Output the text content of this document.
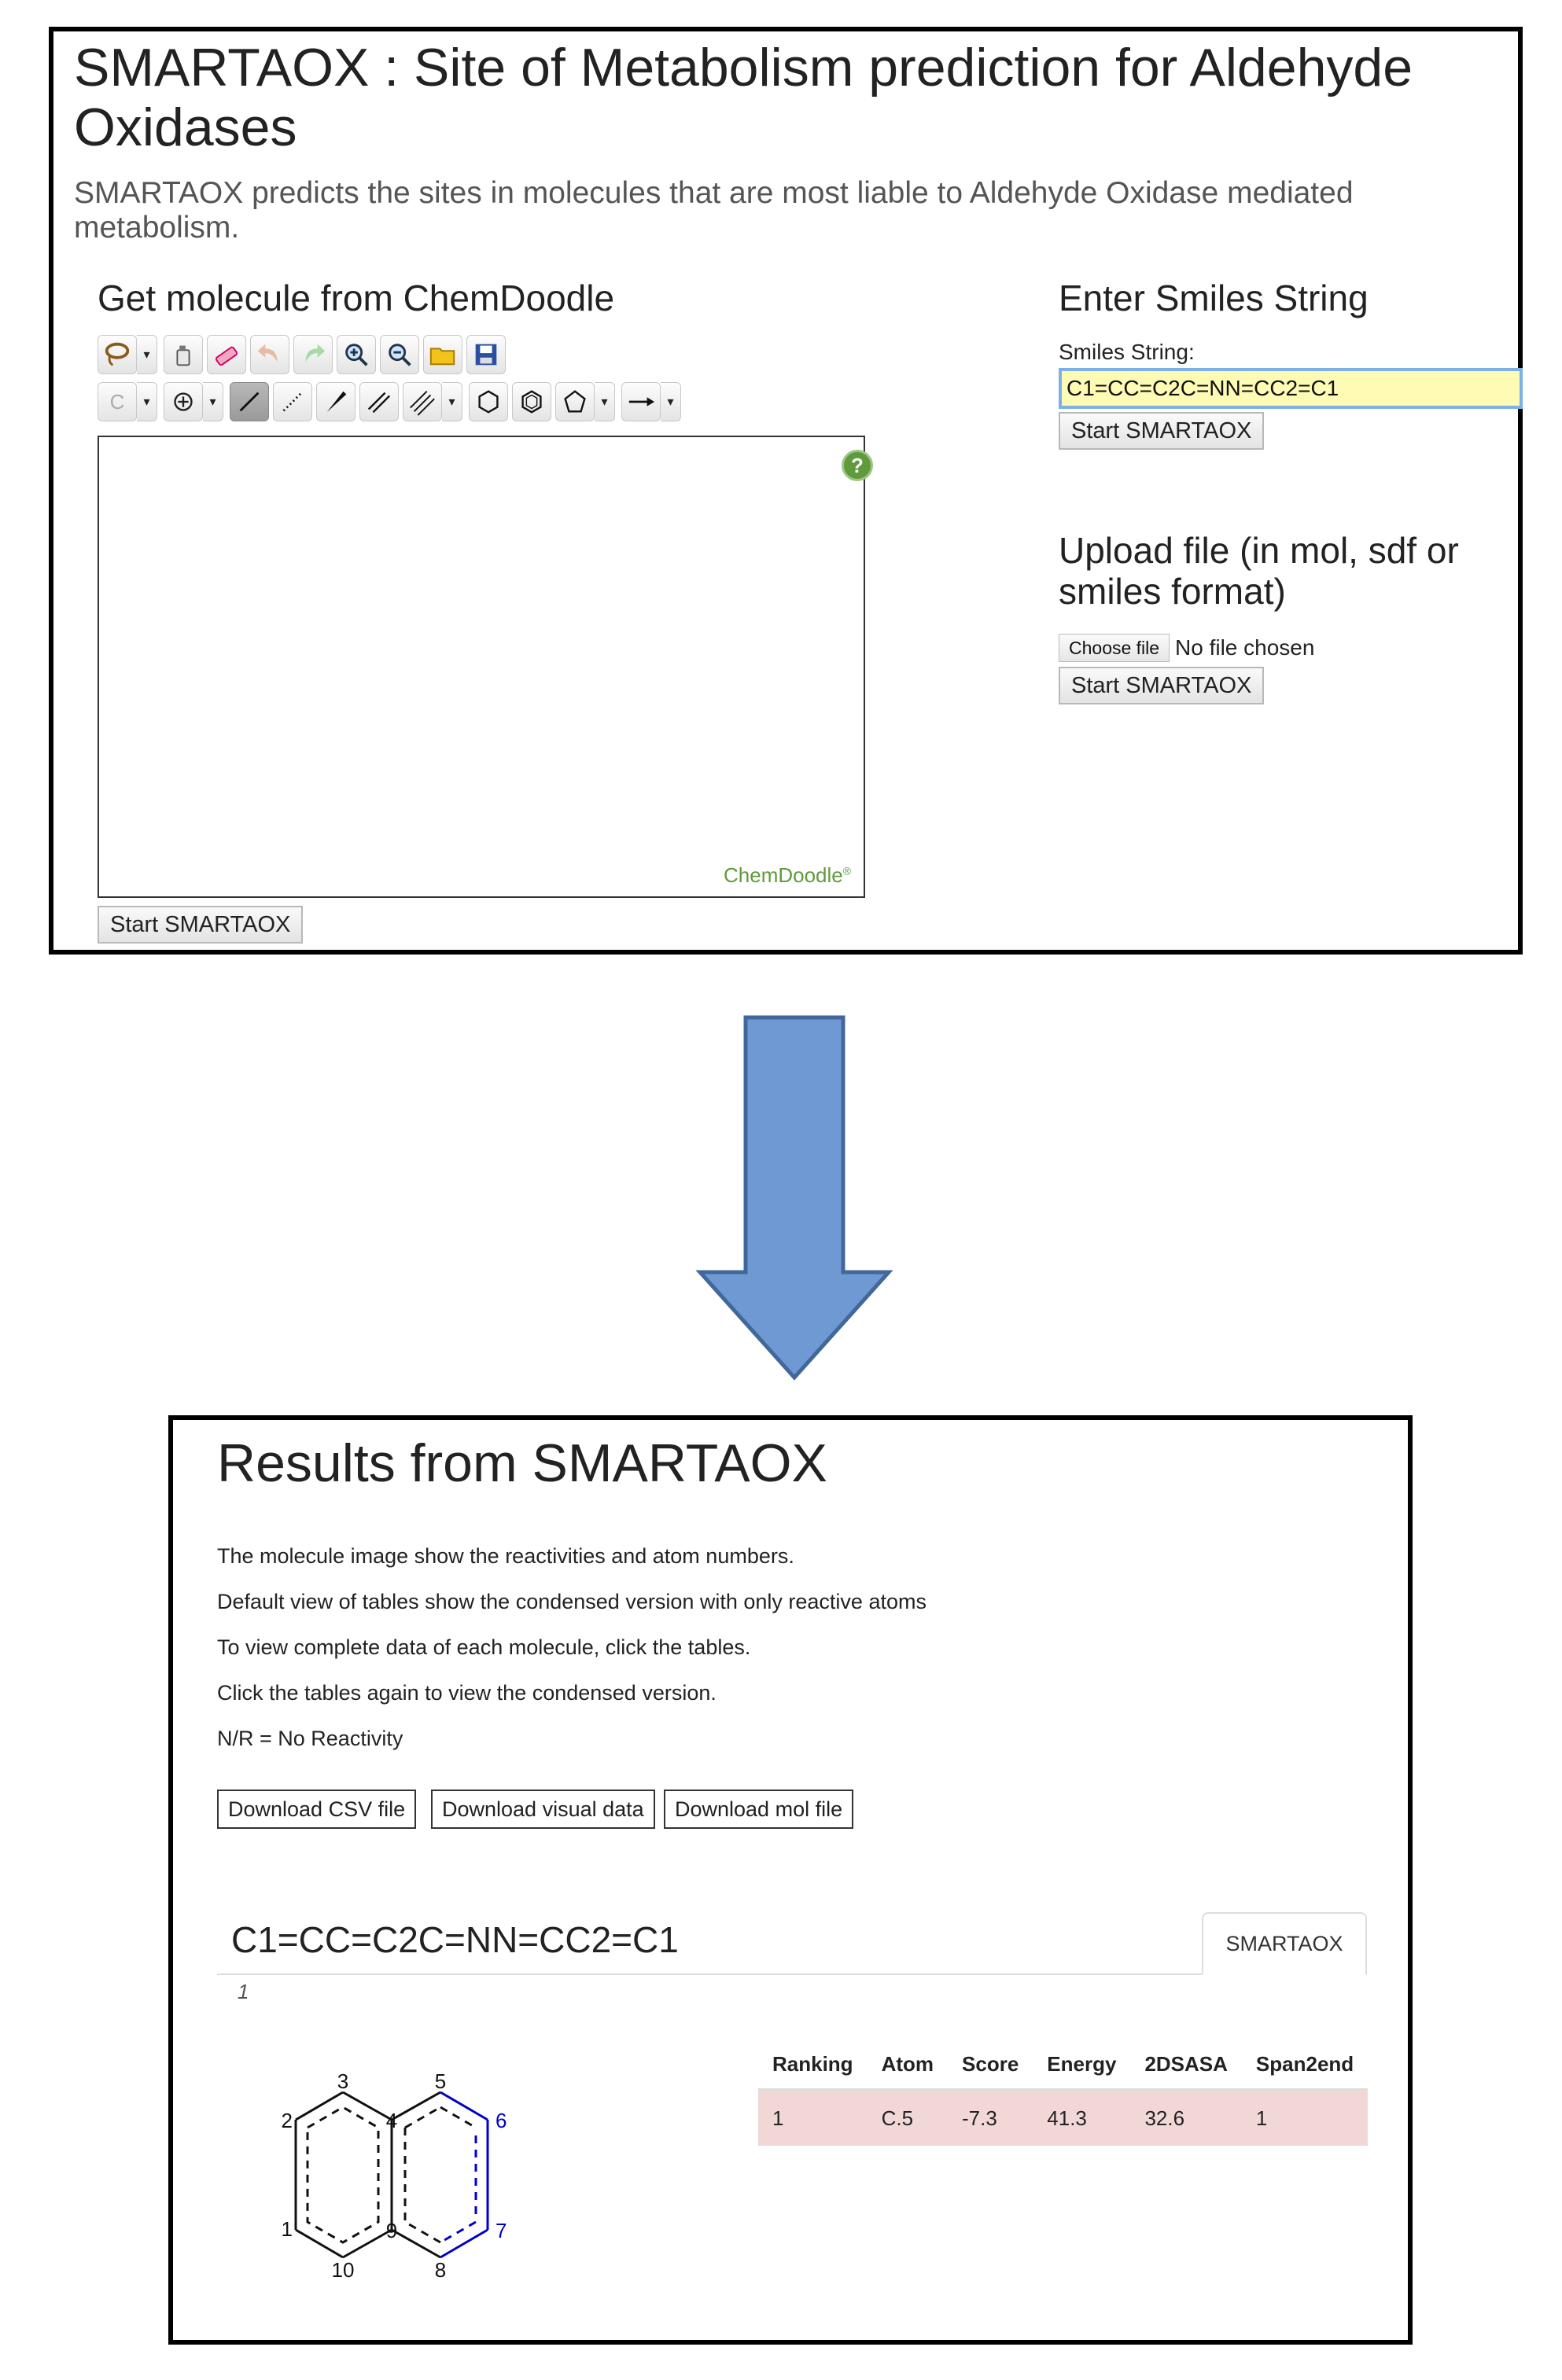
SMARTAOX : Site of Metabolism prediction for Aldehyde Oxidases
SMARTAOX predicts the sites in molecules that are most liable to Aldehyde Oxidase mediated metabolism.
Get molecule from ChemDoodle
▾
C	▾	▾	▾	▾	▾
?
ChemDoodle®
Start SMARTAOX
Enter Smiles String
Smiles String:
C1=CC=C2C=NN=CC2=C1
Start SMARTAOX
Upload file (in mol, sdf or smiles format)
Choose file No file chosen
Start SMARTAOX
Results from SMARTAOX
The molecule image show the reactivities and atom numbers.
Default view of tables show the condensed version with only reactive atoms
To view complete data of each molecule, click the tables.
Click the tables again to view the condensed version.
N/R = No Reactivity
Download CSV file	Download visual data	Download mol file
C1=CC=C2C=NN=CC2=C1	SMARTAOX
1
1
2
3
4
5
6
7
8
9
10
Ranking	Atom	Score	Energy	2DSASA	Span2end
1	C.5	-7.3	41.3	32.6	1
